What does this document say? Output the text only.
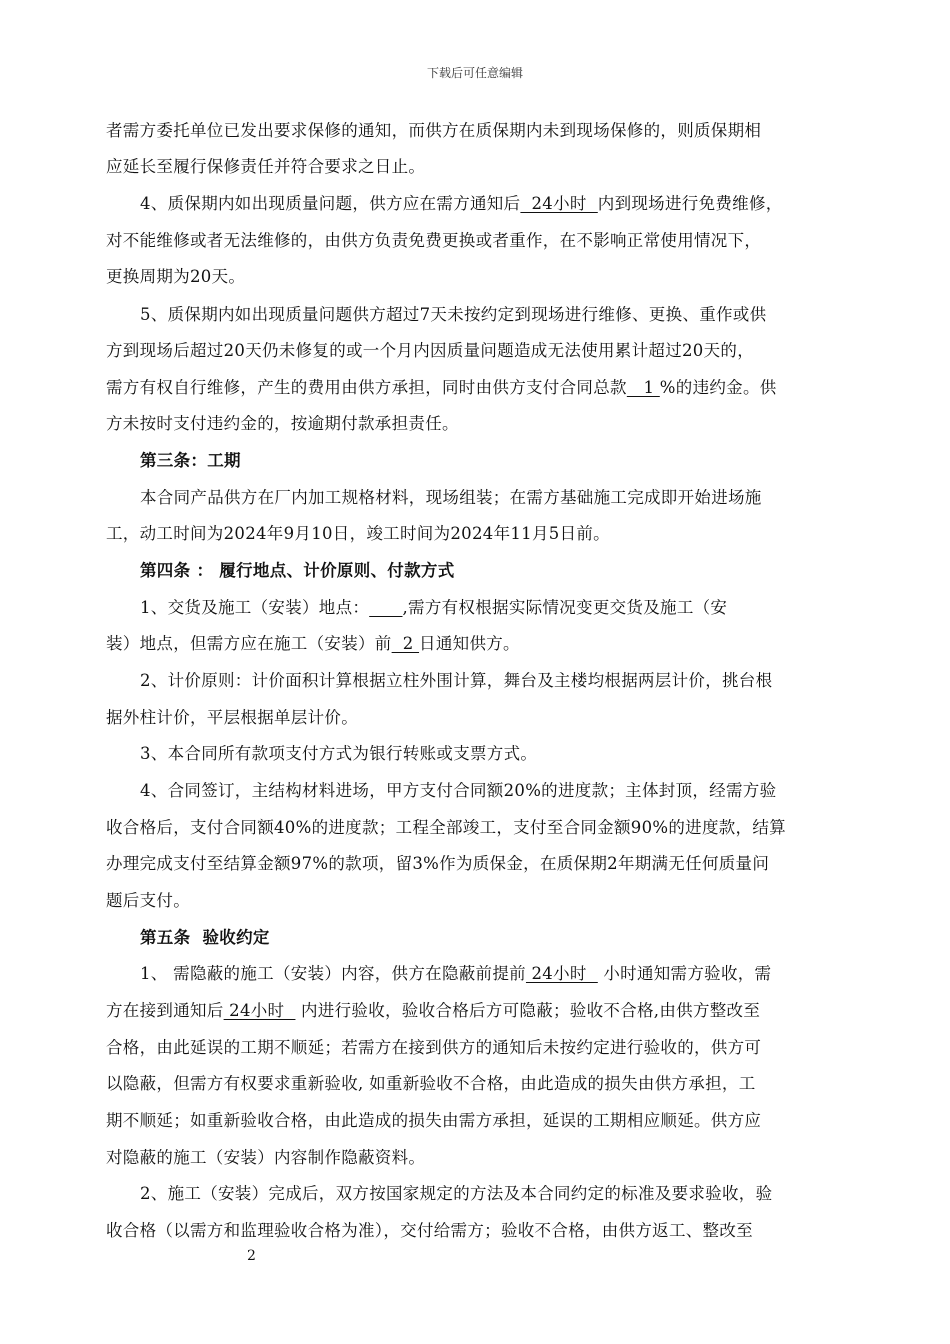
下载后可任意编辑
者需方委托单位已发出要求保修的通知，而供方在质保期内未到现场保修的，则质保期相
应延长至履行保修责任并符合要求之日止。
4、质保期内如出现质量问题，供方应在需方通知后  24小时  内到现场进行免费维修，
对不能维修或者无法维修的，由供方负责免费更换或者重作，在不影响正常使用情况下，
更换周期为20天。
5、质保期内如出现质量问题供方超过7天未按约定到现场进行维修、更换、重作或供
方到现场后超过20天仍未修复的或一个月内因质量问题造成无法使用累计超过20天的，
需方有权自行维修，产生的费用由供方承担，同时由供方支付合同总款   1 %的违约金。供
方未按时支付违约金的，按逾期付款承担责任。
第三条：工期
本合同产品供方在厂内加工规格材料，现场组装；在需方基础施工完成即开始进场施
工，动工时间为2024年9月10日，竣工时间为2024年11月5日前。
第四条 ： 履行地点、计价原则、付款方式
1、交货及施工（安装）地点： ,需方有权根据实际情况变更交货及施工（安
装）地点，但需方应在施工（安装）前  2 日通知供方。
2、计价原则：计价面积计算根据立柱外围计算，舞台及主楼均根据两层计价，挑台根
据外柱计价，平层根据单层计价。
3、本合同所有款项支付方式为银行转账或支票方式。
4、合同签订，主结构材料进场，甲方支付合同额20%的进度款；主体封顶，经需方验
收合格后，支付合同额40%的进度款；工程全部竣工，支付至合同金额90%的进度款，结算
办理完成支付至结算金额97%的款项，留3%作为质保金，在质保期2年期满无任何质量问
题后支付。
第五条  验收约定
1、 需隐蔽的施工（安装）内容，供方在隐蔽前提前 24小时   小时通知需方验收，需
方在接到通知后 24小时   内进行验收，验收合格后方可隐蔽；验收不合格,由供方整改至
合格，由此延误的工期不顺延；若需方在接到供方的通知后未按约定进行验收的，供方可
以隐蔽，但需方有权要求重新验收, 如重新验收不合格，由此造成的损失由供方承担，工
期不顺延；如重新验收合格，由此造成的损失由需方承担，延误的工期相应顺延。供方应
对隐蔽的施工（安装）内容制作隐蔽资料。
2、施工（安装）完成后，双方按国家规定的方法及本合同约定的标准及要求验收，验
收合格（以需方和监理验收合格为准），交付给需方；验收不合格，由供方返工、整改至
2
